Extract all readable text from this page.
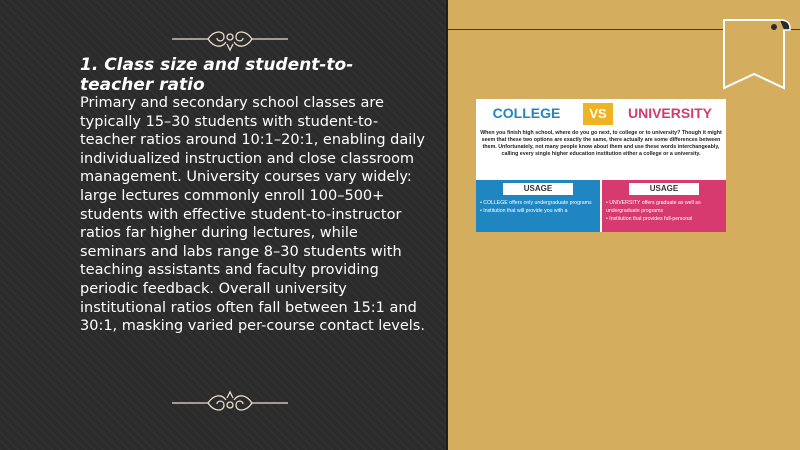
1. Class size and student-to-teacher ratio

Primary and secondary school classes are typically 15–30 students with student-to-teacher ratios around 10:1–20:1, enabling daily individualized instruction and close classroom management. University courses vary widely: large lectures commonly enroll 100–500+ students with effective student-to-instructor ratios far higher during lectures, while seminars and labs range 8–30 students with teaching assistants and faculty providing periodic feedback. Overall university institutional ratios often fall between 15:1 and 30:1, masking varied per-course contact levels.

COLLEGE	VS	UNIVERSITY

When you finish high school, where do you go next, to college or to university? Though it might seem that these two options are exactly the same, there actually are some differences between them. Unfortunately, not many people know about them and use these words interchangeably, calling every single higher education institution either a college or a university.

USAGE

• COLLEGE offers only undergraduate programs
• Institution that will provide you with a

USAGE

• UNIVERSITY offers graduate as well as undergraduate programs
• Institution that provides full-personal
